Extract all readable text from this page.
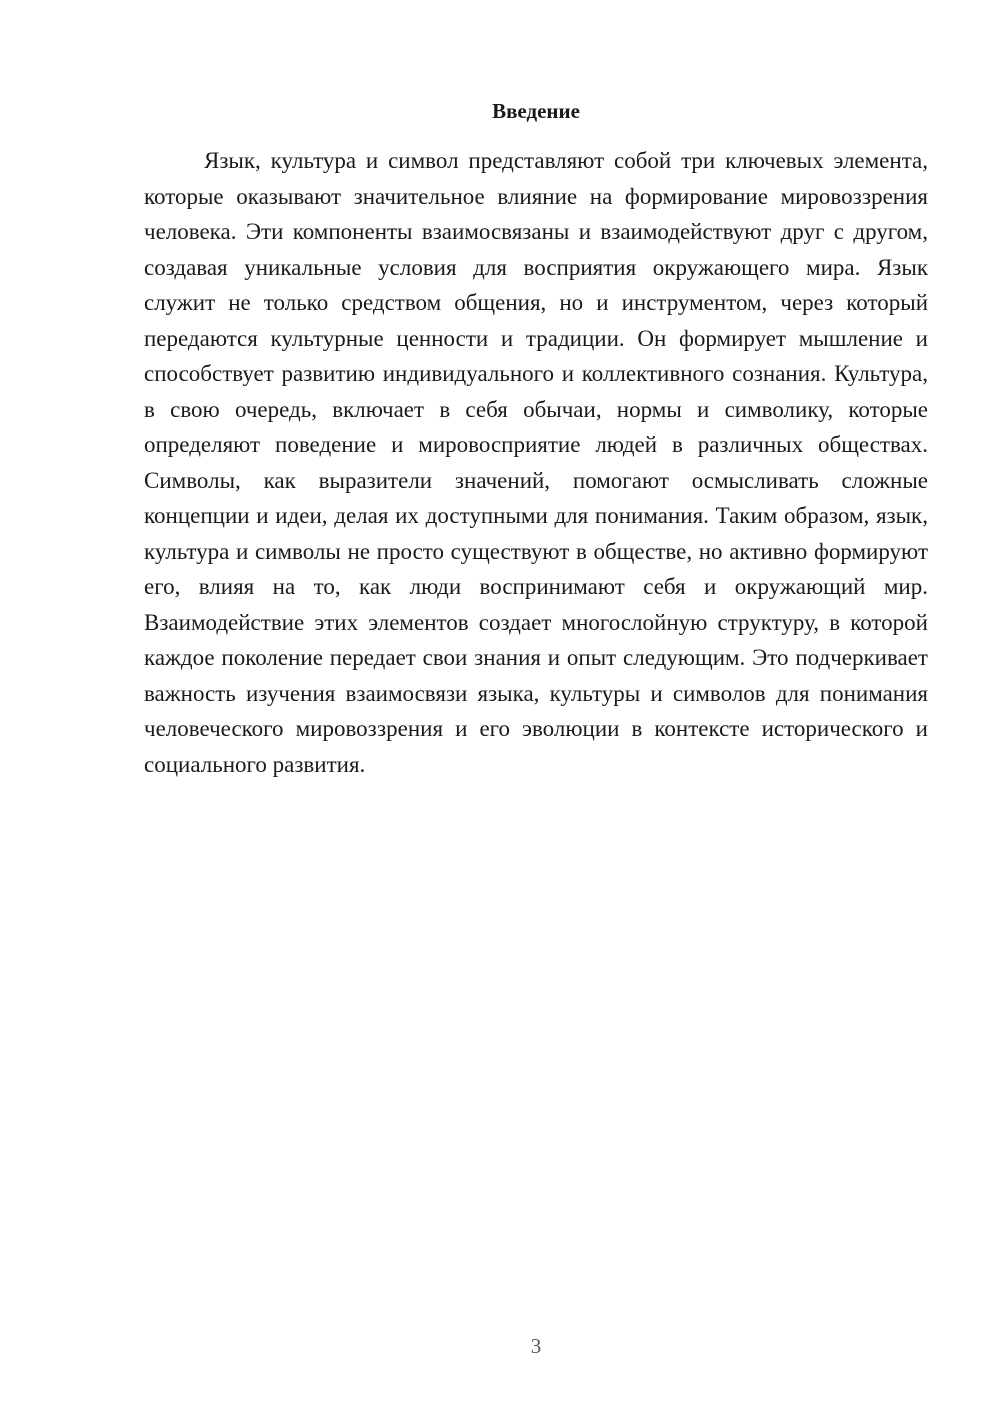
Введение

Язык, культура и символ представляют собой три ключевых элемента, которые оказывают значительное влияние на формирование мировоззрения человека. Эти компоненты взаимосвязаны и взаимодействуют друг с другом, создавая уникальные условия для восприятия окружающего мира. Язык служит не только средством общения, но и инструментом, через который передаются культурные ценности и традиции. Он формирует мышление и способствует развитию индивидуального и коллективного сознания. Культура, в свою очередь, включает в себя обычаи, нормы и символику, которые определяют поведение и мировосприятие людей в различных обществах. Символы, как выразители значений, помогают осмысливать сложные концепции и идеи, делая их доступными для понимания. Таким образом, язык, культура и символы не просто существуют в обществе, но активно формируют его, влияя на то, как люди воспринимают себя и окружающий мир. Взаимодействие этих элементов создает многослойную структуру, в которой каждое поколение передает свои знания и опыт следующим. Это подчеркивает важность изучения взаимосвязи языка, культуры и символов для понимания человеческого мировоззрения и его эволюции в контексте исторического и социального развития.

3
